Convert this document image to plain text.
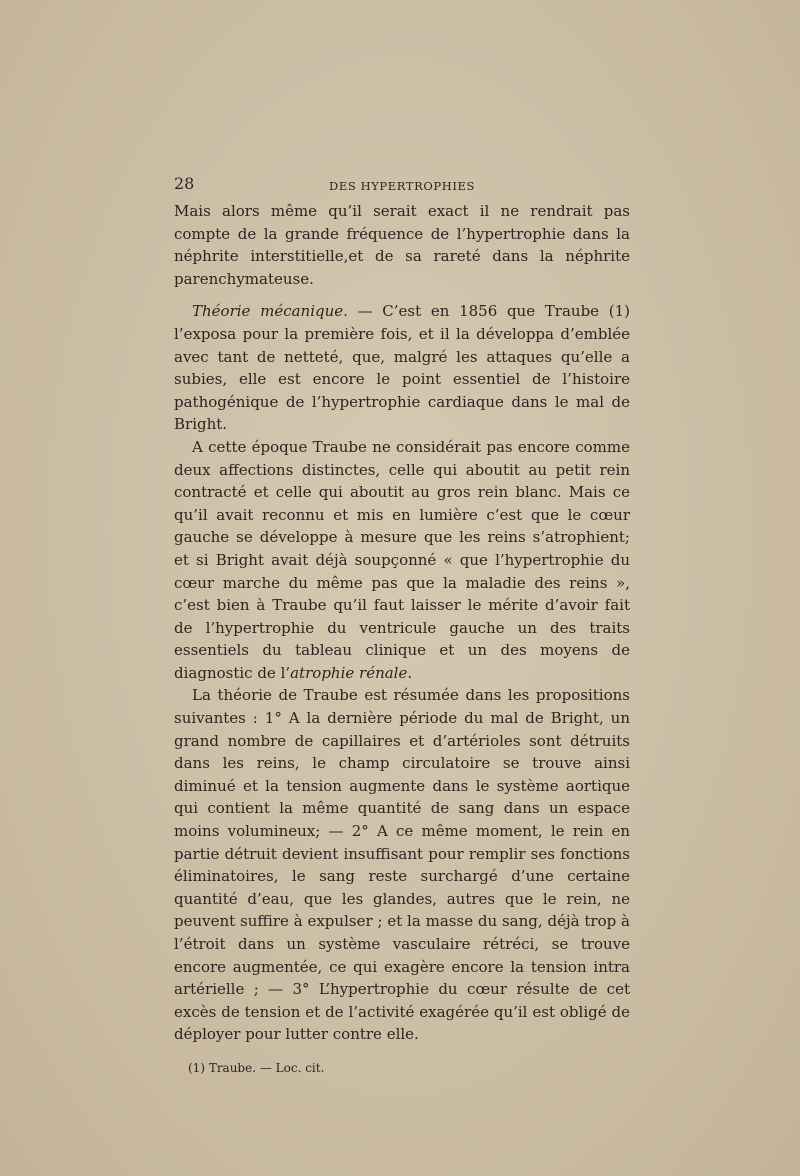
28	DES HYPERTROPHIES

Mais alors même qu’il serait exact il ne rendrait pas compte de la grande fréquence de l’hypertrophie dans la néphrite interstitielle,et de sa rareté dans la néphrite parenchymateuse.

Théorie mécanique. — C’est en 1856 que Traube (1) l’exposa pour la première fois, et il la développa d’emblée avec tant de netteté, que, malgré les attaques qu’elle a subies, elle est encore le point essentiel de l’histoire pathogénique de l’hypertrophie cardiaque dans le mal de Bright.

A cette époque Traube ne considérait pas encore comme deux affections distinctes, celle qui aboutit au petit rein contracté et celle qui aboutit au gros rein blanc. Mais ce qu’il avait reconnu et mis en lumière c’est que le cœur gauche se développe à mesure que les reins s’atrophient; et si Bright avait déjà soupçonné « que l’hypertrophie du cœur marche du même pas que la maladie des reins », c’est bien à Traube qu’il faut laisser le mérite d’avoir fait de l’hypertrophie du ventricule gauche un des traits essentiels du tableau clinique et un des moyens de diagnostic de l’atrophie rénale.

La théorie de Traube est résumée dans les propositions suivantes : 1° A la dernière période du mal de Bright, un grand nombre de capillaires et d’artérioles sont détruits dans les reins, le champ circulatoire se trouve ainsi diminué et la tension augmente dans le système aortique qui contient la même quantité de sang dans un espace moins volumineux; — 2° A ce même moment, le rein en partie détruit devient insuffisant pour remplir ses fonctions éliminatoires, le sang reste surchargé d’une certaine quantité d’eau, que les glandes, autres que le rein, ne peuvent suffire à expulser ; et la masse du sang, déjà trop à l’étroit dans un système vasculaire rétréci, se trouve encore augmentée, ce qui exagère encore la tension intra artérielle ; — 3° L’hypertrophie du cœur résulte de cet excès de tension et de l’activité exagérée qu’il est obligé de déployer pour lutter contre elle.

(1) Traube. — Loc. cit.
